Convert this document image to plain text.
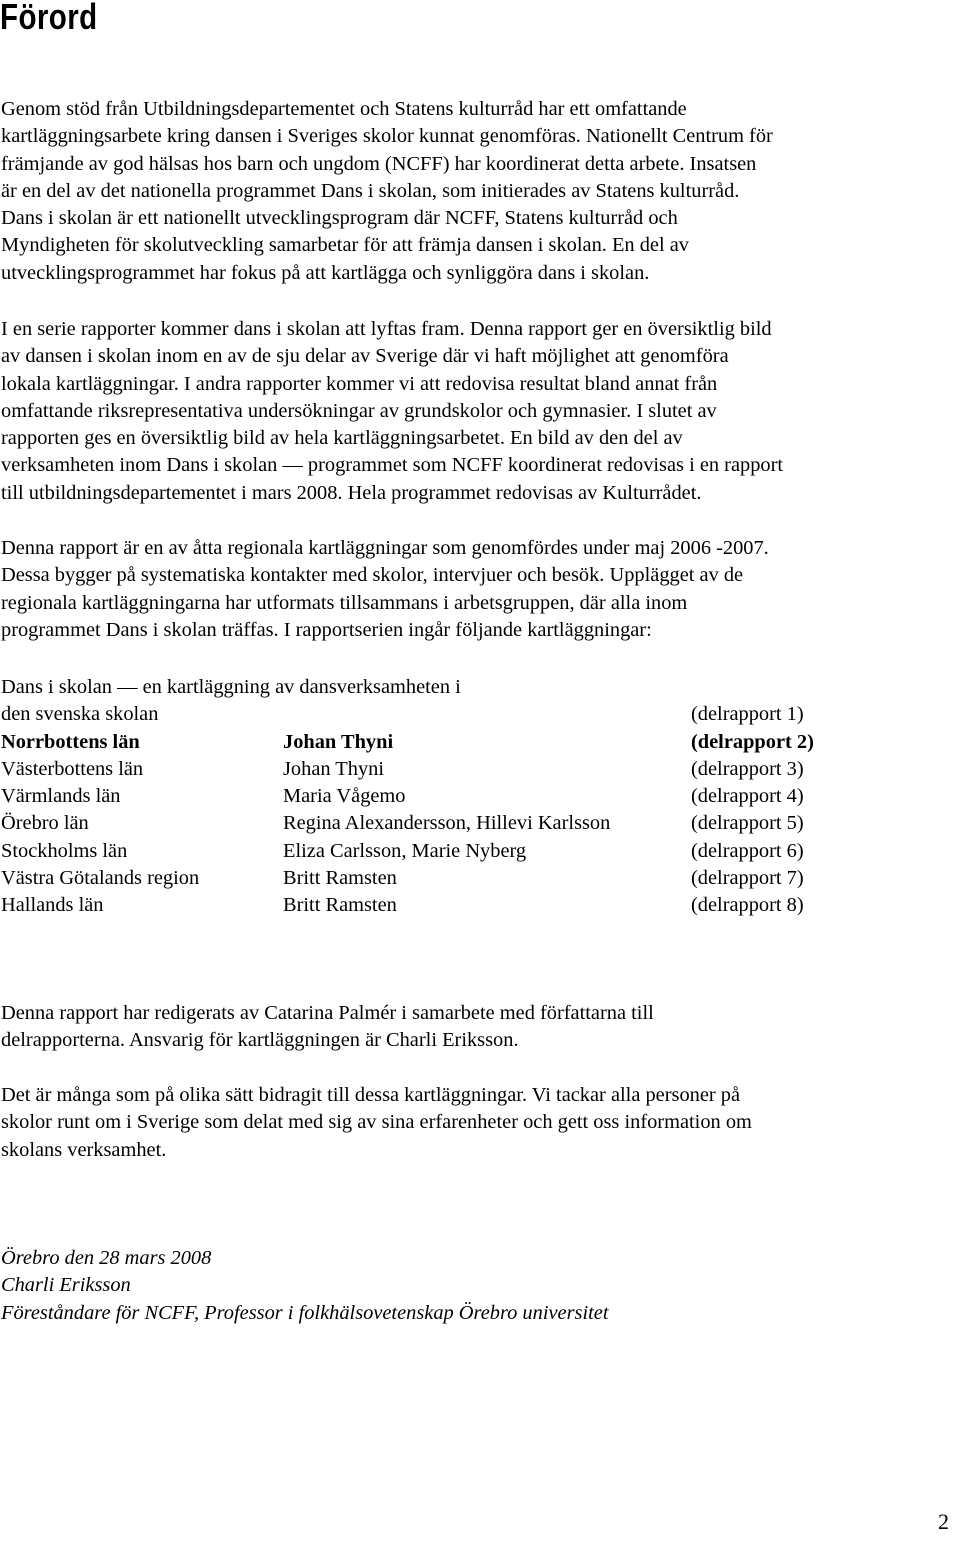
Förord
Genom stöd från Utbildningsdepartementet och Statens kulturråd har ett omfattande
kartläggningsarbete kring dansen i Sveriges skolor kunnat genomföras. Nationellt Centrum för
främjande av god hälsas hos barn och ungdom (NCFF) har koordinerat detta arbete. Insatsen
är en del av det nationella programmet Dans i skolan, som initierades av Statens kulturråd.
Dans i skolan är ett nationellt utvecklingsprogram där NCFF, Statens kulturråd och
Myndigheten för skolutveckling samarbetar för att främja dansen i skolan. En del av
utvecklingsprogrammet har fokus på att kartlägga och synliggöra dans i skolan.
I en serie rapporter kommer dans i skolan att lyftas fram. Denna rapport ger en översiktlig bild
av dansen i skolan inom en av de sju delar av Sverige där vi haft möjlighet att genomföra
lokala kartläggningar. I andra rapporter kommer vi att redovisa resultat bland annat från
omfattande riksrepresentativa undersökningar av grundskolor och gymnasier. I slutet av
rapporten ges en översiktlig bild av hela kartläggningsarbetet. En bild av den del av
verksamheten inom Dans i skolan — programmet som NCFF koordinerat redovisas i en rapport
till utbildningsdepartementet i mars 2008. Hela programmet redovisas av Kulturrådet.
Denna rapport är en av åtta regionala kartläggningar som genomfördes under maj 2006 -2007.
Dessa bygger på systematiska kontakter med skolor, intervjuer och besök. Upplägget av de
regionala kartläggningarna har utformats tillsammans i arbetsgruppen, där alla inom
programmet Dans i skolan träffas. I rapportserien ingår följande kartläggningar:
Dans i skolan — en kartläggning av dansverksamheten i
den svenska skolan	(delrapport 1)
Norrbottens län	Johan Thyni	(delrapport 2)
Västerbottens län	Johan Thyni	(delrapport 3)
Värmlands län	Maria Vågemo	(delrapport 4)
Örebro län	Regina Alexandersson, Hillevi Karlsson	(delrapport 5)
Stockholms län	Eliza Carlsson, Marie Nyberg	(delrapport 6)
Västra Götalands region	Britt Ramsten	(delrapport 7)
Hallands län	Britt Ramsten	(delrapport 8)
Denna rapport har redigerats av Catarina Palmér i samarbete med författarna till
delrapporterna. Ansvarig för kartläggningen är Charli Eriksson.
Det är många som på olika sätt bidragit till dessa kartläggningar. Vi tackar alla personer på
skolor runt om i Sverige som delat med sig av sina erfarenheter och gett oss information om
skolans verksamhet.
Örebro den 28 mars 2008
Charli Eriksson
Föreståndare för NCFF, Professor i folkhälsovetenskap Örebro universitet
2
